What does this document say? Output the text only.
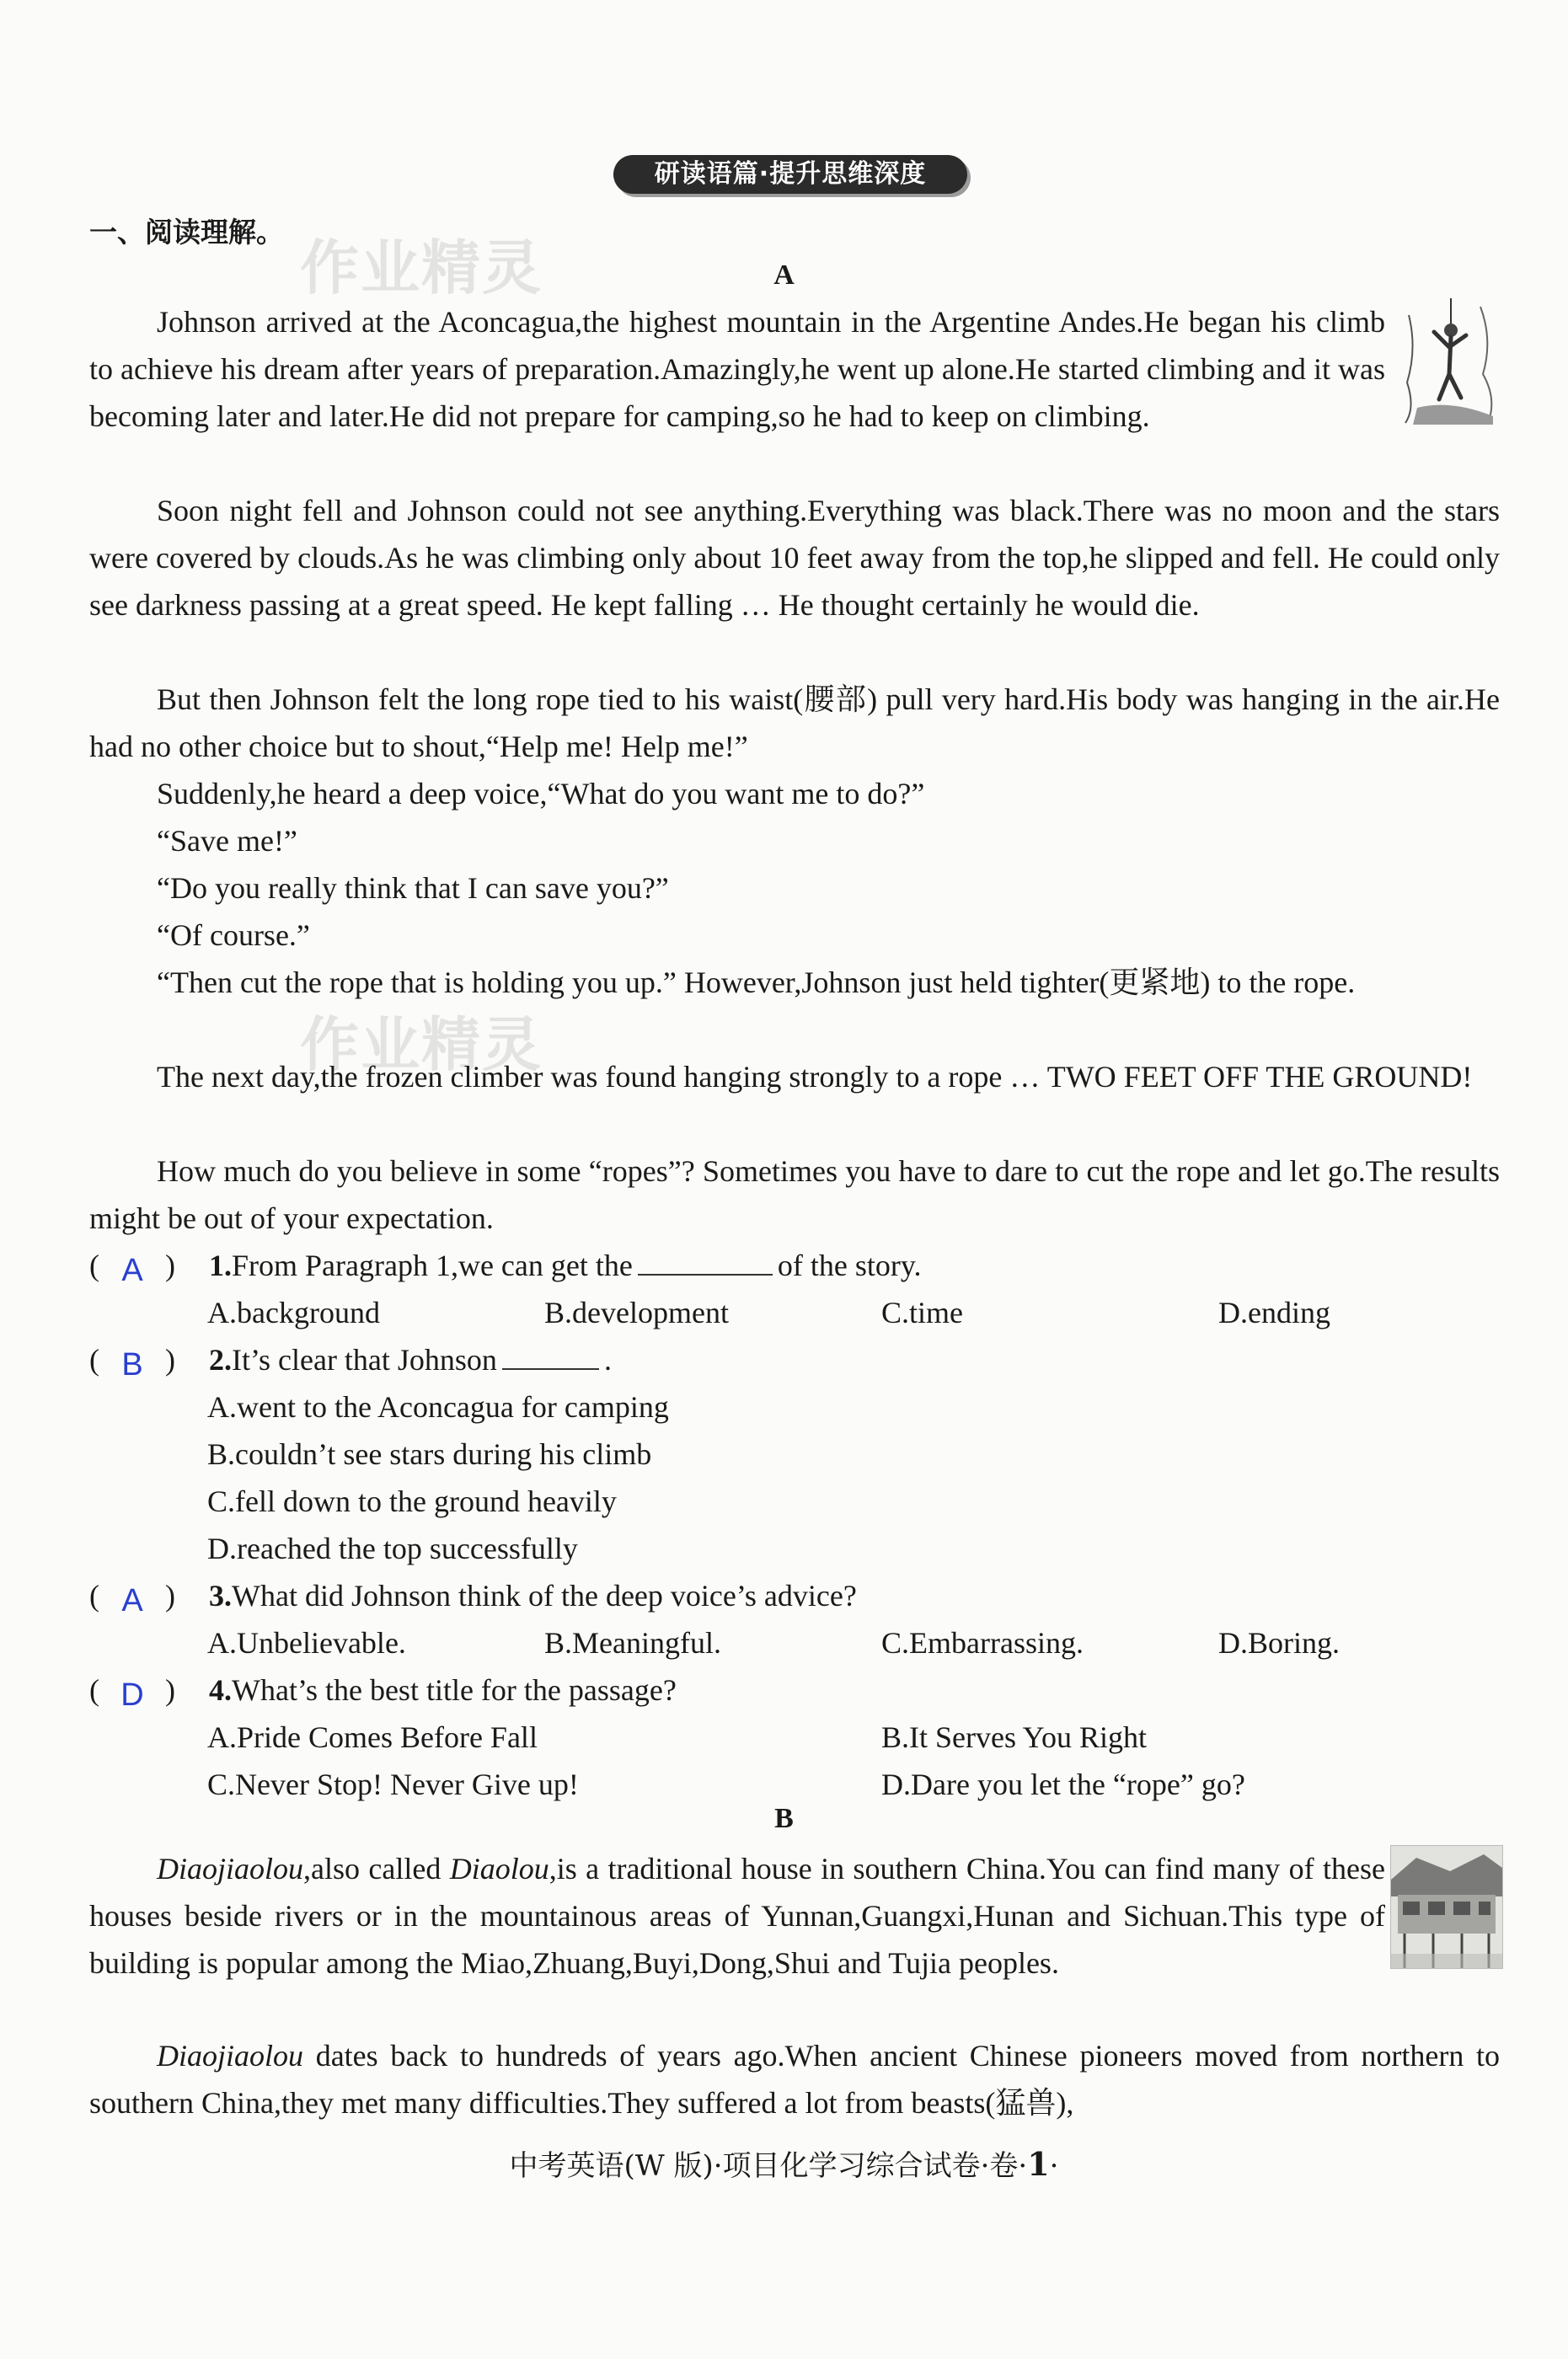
研读语篇·提升思维深度
一、阅读理解。
作业精灵
作业精灵
A

Johnson arrived at the Aconcagua,the highest mountain in the Argentine Andes.He began his climb to achieve his dream after years of preparation.Amazingly,he went up alone.He started climbing and it was becoming later and later.He did not prepare for camping,so he had to keep on climbing.

Soon night fell and Johnson could not see anything.Everything was black.There was no moon and the stars were covered by clouds.As he was climbing only about 10 feet away from the top,he slipped and fell. He could only see darkness passing at a great speed. He kept falling … He thought certainly he would die.

But then Johnson felt the long rope tied to his waist(腰部) pull very hard.His body was hanging in the air.He had no other choice but to shout,“Help me! Help me!”

Suddenly,he heard a deep voice,“What do you want me to do?”

“Save me!”

“Do you really think that I can save you?”

“Of course.”

“Then cut the rope that is holding you up.” However,Johnson just held tighter(更紧地) to the rope.

The next day,the frozen climber was found hanging strongly to a rope … TWO FEET OFF THE GROUND!

How much do you believe in some “ropes”? Sometimes you have to dare to cut the rope and let go.The results might be out of your expectation.

( A ) 1.From Paragraph 1,we can get the	of the story.
A.background	B.development	C.time	D.ending
( B ) 2.It’s clear that Johnson	.
A.went to the Aconcagua for camping
B.couldn’t see stars during his climb
C.fell down to the ground heavily
D.reached the top successfully
( A ) 3.What did Johnson think of the deep voice’s advice?
A.Unbelievable.	B.Meaningful.	C.Embarrassing.	D.Boring.
( D ) 4.What’s the best title for the passage?
A.Pride Comes Before Fall	B.It Serves You Right
C.Never Stop! Never Give up!	D.Dare you let the “rope” go?
B

Diaojiaolou,also called Diaolou,is a traditional house in southern China.You can find many of these houses beside rivers or in the mountainous areas of Yunnan,Guangxi,Hunan and Sichuan.This type of building is popular among the Miao,Zhuang,Buyi,Dong,Shui and Tujia peoples.

Diaojiaolou dates back to hundreds of years ago.When ancient Chinese pioneers moved from northern to southern China,they met many difficulties.They suffered a lot from beasts(猛兽),

中考英语(W 版)·项目化学习综合试卷·卷·1·
